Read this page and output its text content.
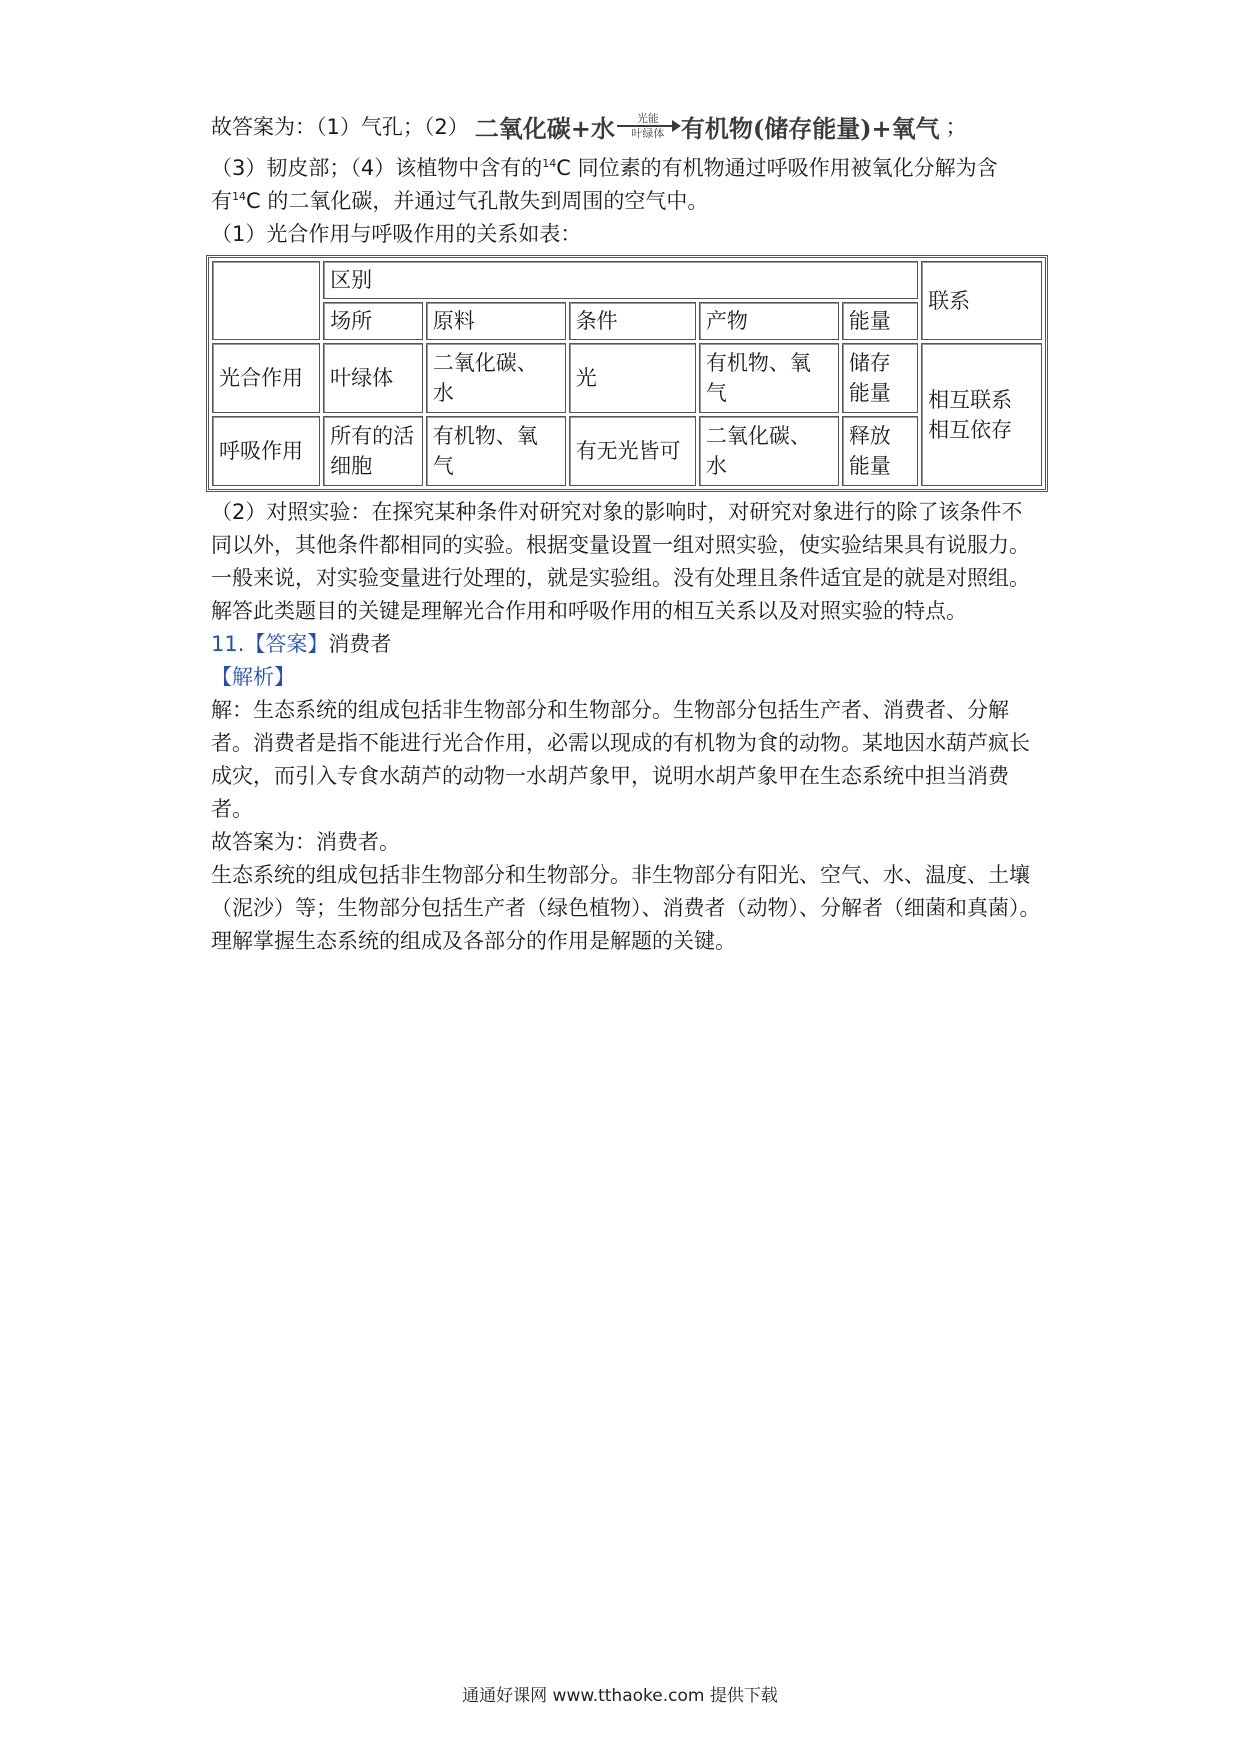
故答案为：（1）气孔；（2） 二氧化碳+水 光能
叶绿体 有机物(储存能量)+氧气 ；

（3）韧皮部；（4）该植物中含有的$^{14}$C 同位素的有机物通过呼吸作用被氧化分解为含

有$^{14}$C 的二氧化碳，并通过气孔散失到周围的空气中。

（1）光合作用与呼吸作用的关系如表：

	区别					联系
	场所	原料	条件	产物	能量	
光合作用	叶绿体	二氧化碳、水	光	有机物、氧气	储存能量	相互联系
相互依存

呼吸作用	所有的活细胞	有机物、氧气	有无光皆可	二氧化碳、水	释放能量	

（2）对照实验：在探究某种条件对研究对象的影响时，对研究对象进行的除了该条件不同以外，其他条件都相同的实验。根据变量设置一组对照实验，使实验结果具有说服力。一般来说，对实验变量进行处理的，就是实验组。没有处理且条件适宜是的就是对照组。

解答此类题目的关键是理解光合作用和呼吸作用的相互关系以及对照实验的特点。

11.【答案】消费者

【解析】

解：生态系统的组成包括非生物部分和生物部分。生物部分包括生产者、消费者、分解者。消费者是指不能进行光合作用，必需以现成的有机物为食的动物。某地因水葫芦疯长成灾，而引入专食水葫芦的动物一水胡芦象甲，说明水胡芦象甲在生态系统中担当消费者。

故答案为：消费者。

生态系统的组成包括非生物部分和生物部分。非生物部分有阳光、空气、水、温度、土壤（泥沙）等；生物部分包括生产者（绿色植物）、消费者（动物）、分解者（细菌和真菌）。

理解掌握生态系统的组成及各部分的作用是解题的关键。

通通好课网 www.tthaoke.com 提供下载
